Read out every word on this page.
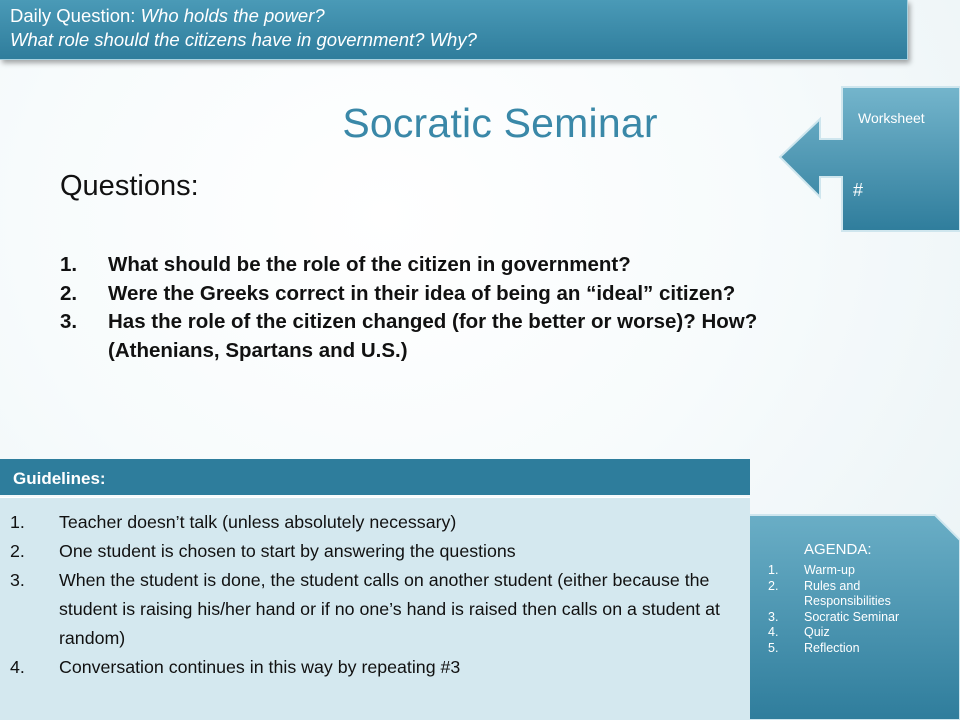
Daily Question: Who holds the power?
What role should the citizens have in government? Why?
Socratic Seminar	Worksheet
#
Questions:
1. What should be the role of the citizen in government?
2. Were the Greeks correct in their idea of being an “ideal” citizen?
3. Has the role of the citizen changed (for the better or worse)? How? (Athenians, Spartans and U.S.)
AGENDA:
1. Warm-up
2. Rules and Responsibilities
3. Socratic Seminar
4. Quiz
5. Reflection
Guidelines:
1. Teacher doesn’t talk (unless absolutely necessary)
2. One student is chosen to start by answering the questions
3. When the student is done, the student calls on another student (either because the student is raising his/her hand or if no one’s hand is raised then calls on a student at random)
4. Conversation continues in this way by repeating #3
